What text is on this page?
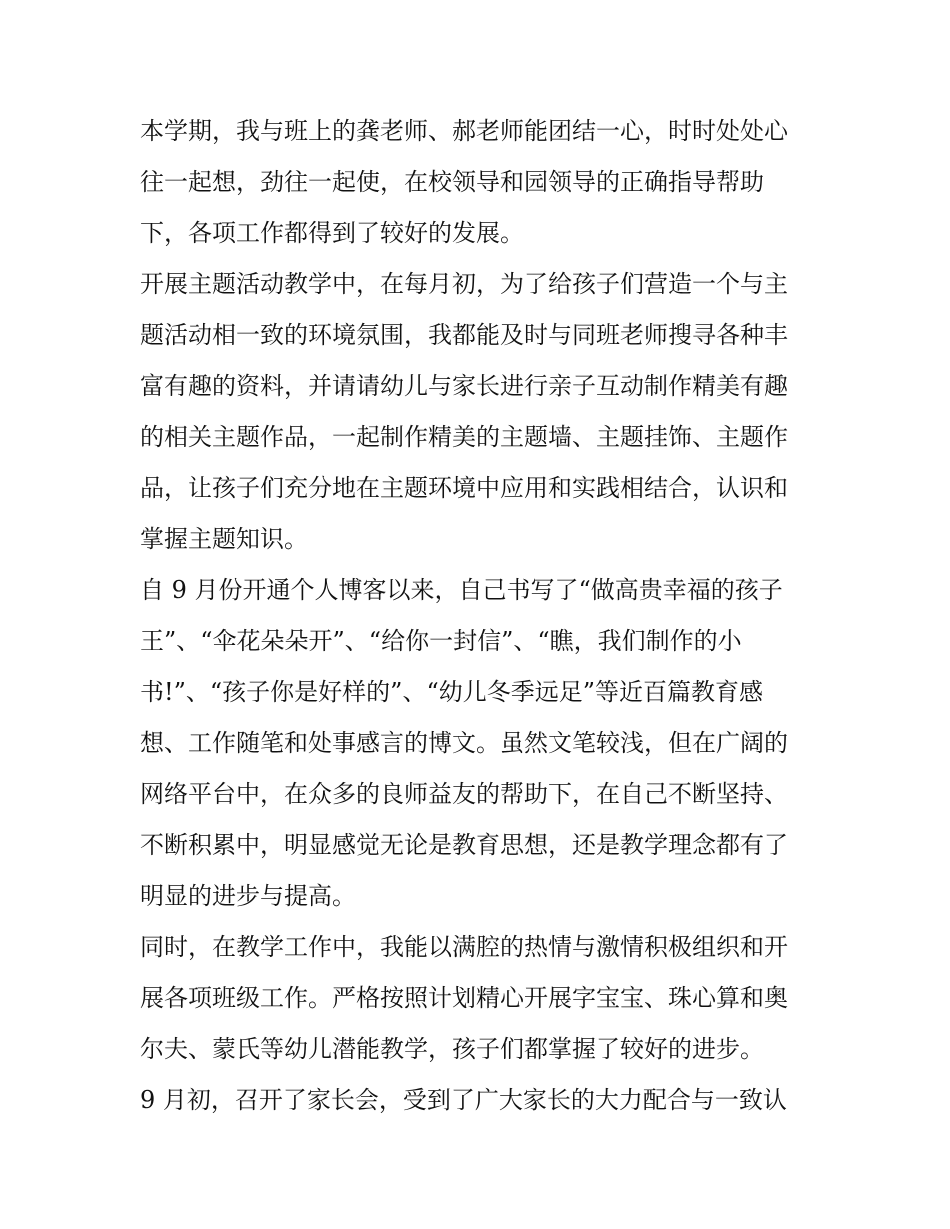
本学期，我与班上的龚老师、郝老师能团结一心，时时处处心
往一起想，劲往一起使，在校领导和园领导的正确指导帮助
下，各项工作都得到了较好的发展。
开展主题活动教学中，在每月初，为了给孩子们营造一个与主
题活动相一致的环境氛围，我都能及时与同班老师搜寻各种丰
富有趣的资料，并请请幼儿与家长进行亲子互动制作精美有趣
的相关主题作品，一起制作精美的主题墙、主题挂饰、主题作
品，让孩子们充分地在主题环境中应用和实践相结合，认识和
掌握主题知识。
自 9 月份开通个人博客以来，自己书写了“做高贵幸福的孩子
王”、“伞花朵朵开”、“给你一封信”、“瞧，我们制作的小
书!”、“孩子你是好样的”、“幼儿冬季远足”等近百篇教育感
想、工作随笔和处事感言的博文。虽然文笔较浅，但在广阔的
网络平台中，在众多的良师益友的帮助下，在自己不断坚持、
不断积累中，明显感觉无论是教育思想，还是教学理念都有了
明显的进步与提高。
同时，在教学工作中，我能以满腔的热情与激情积极组织和开
展各项班级工作。严格按照计划精心开展字宝宝、珠心算和奥
尔夫、蒙氏等幼儿潜能教学，孩子们都掌握了较好的进步。
9 月初，召开了家长会，受到了广大家长的大力配合与一致认
